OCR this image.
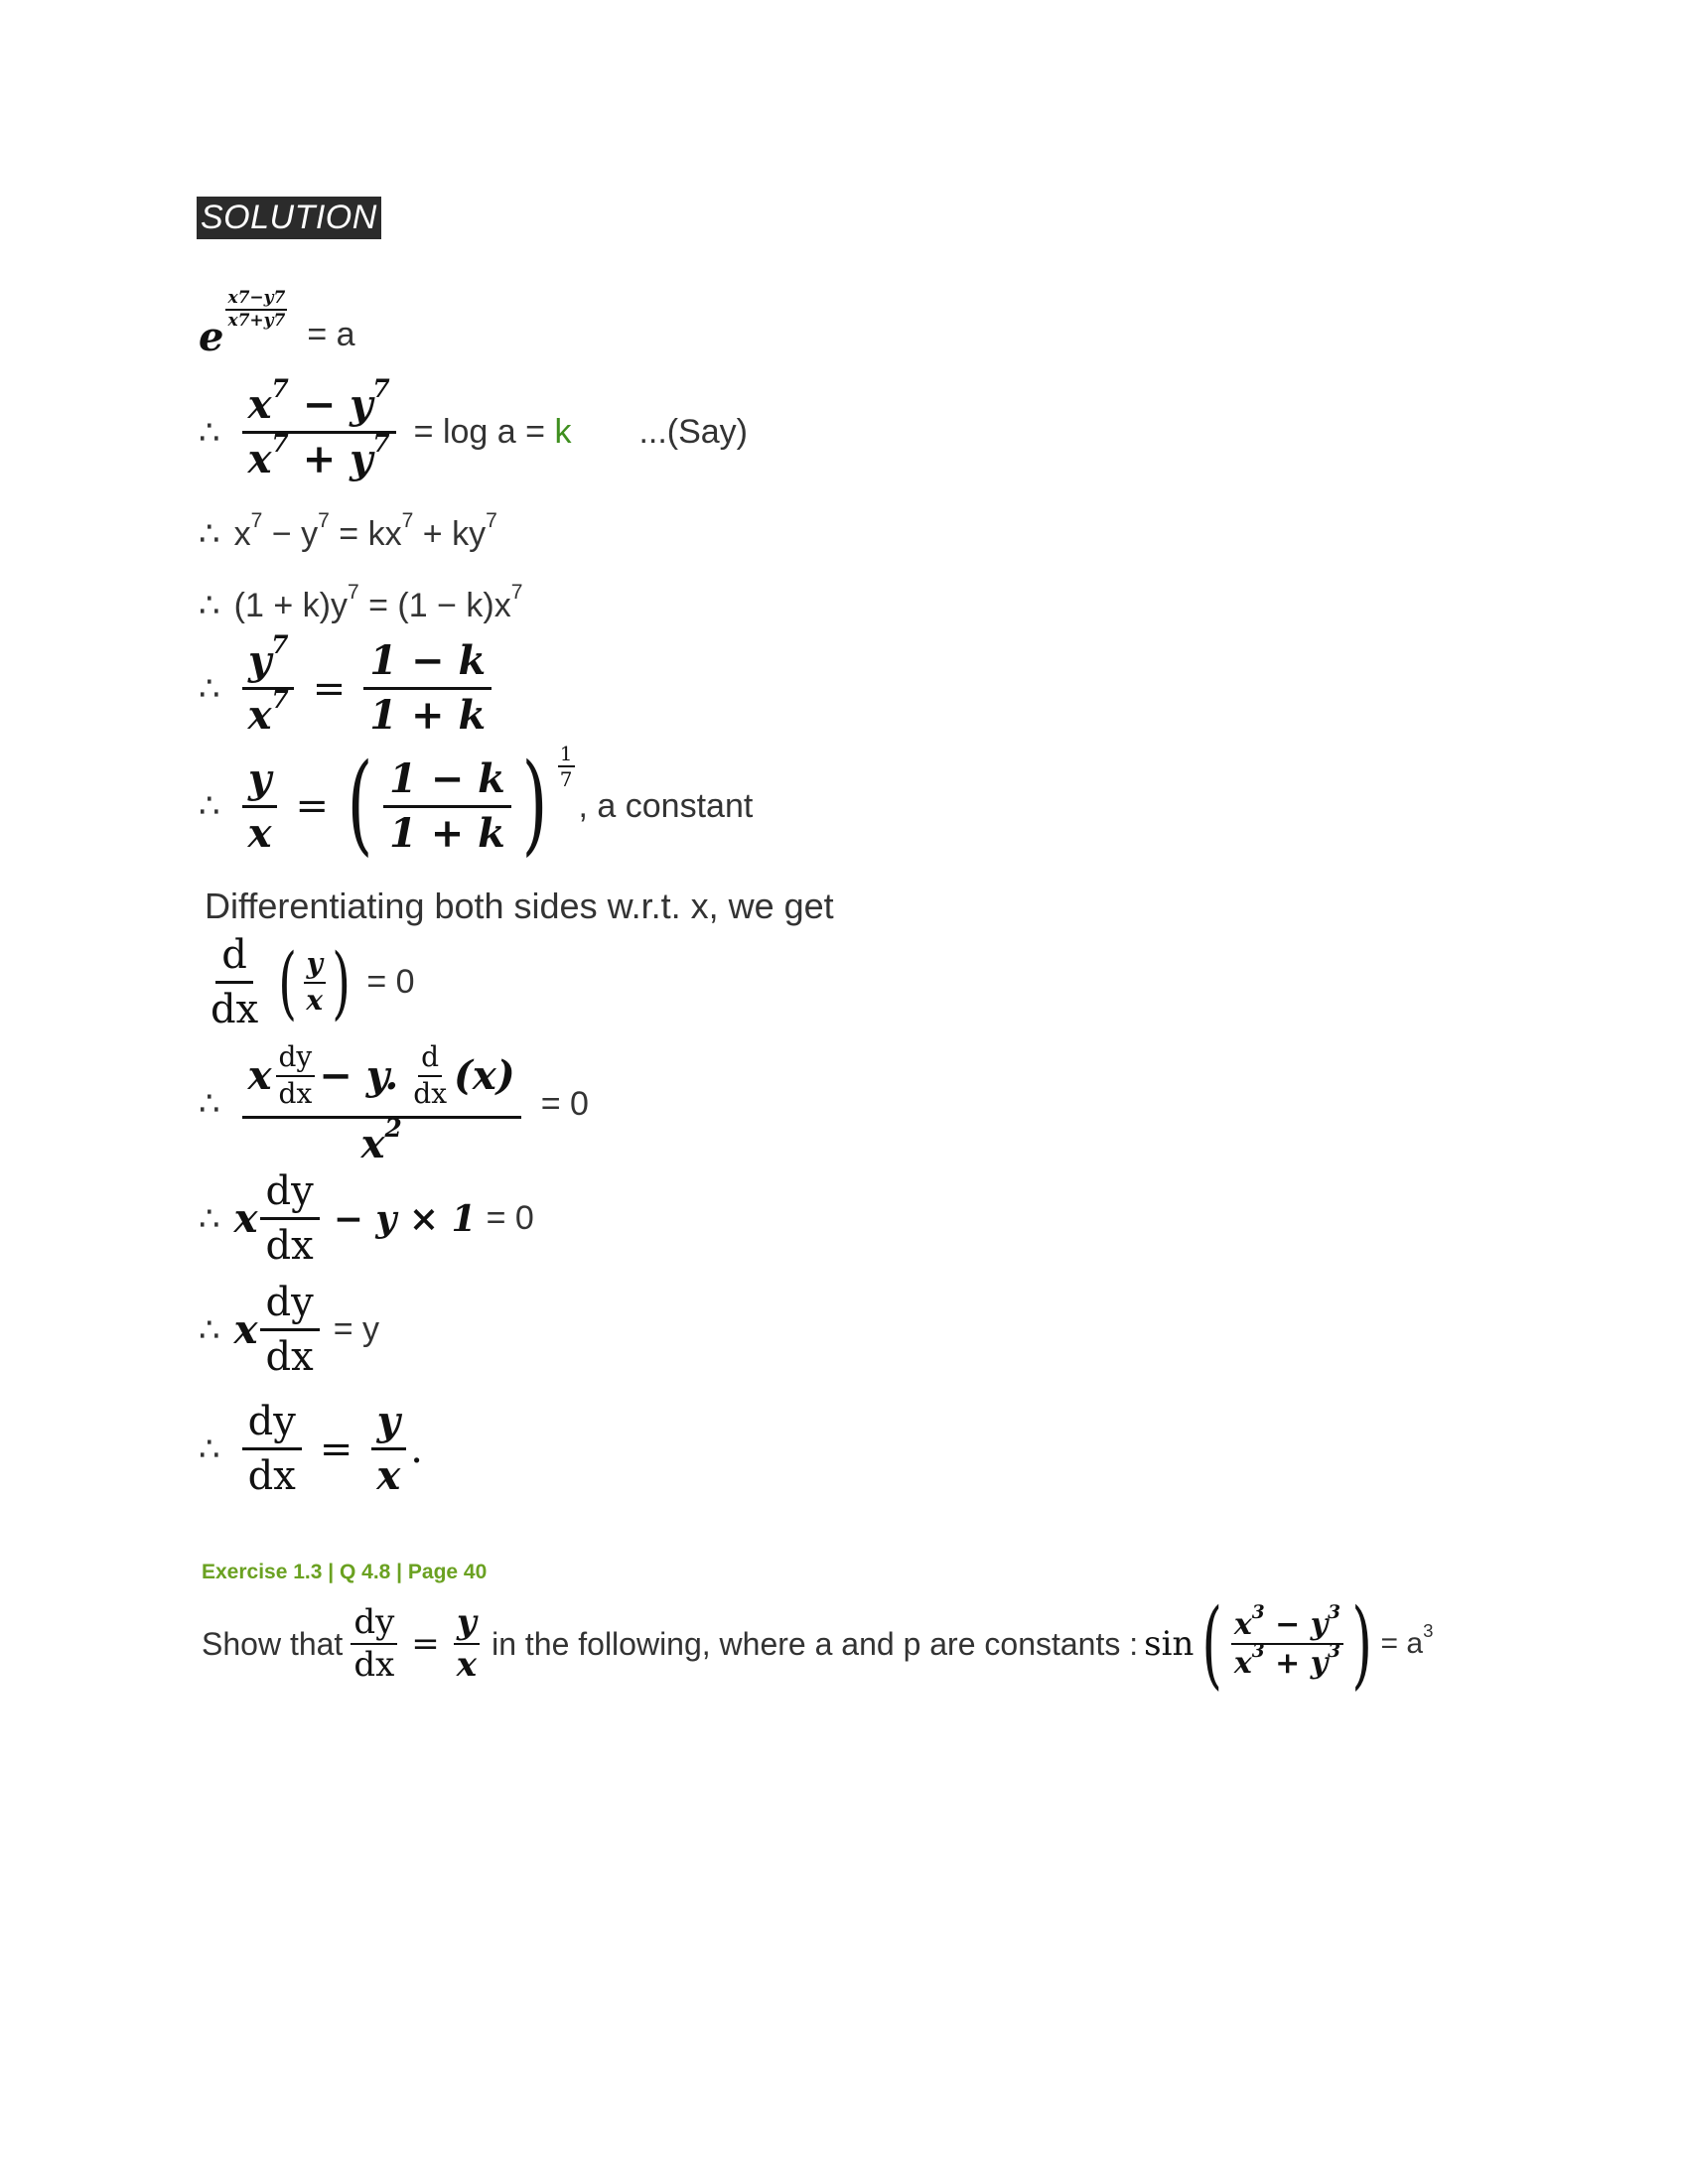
SOLUTION
e
$\frac{x7-y7}{x7+y7}$
= a
∴ $\frac{x^7 - y^7}{x^7 + y^7} = \log a = k$ ...(Say)
∴ $x^7 - y^7 = kx^7 + ky^7$
∴ $(1 + k)y^7 = (1 - k)x^7$
∴ $\frac{y^7}{x^7} = \frac{1 - k}{1 + k}$
∴ $\frac{y}{x}$ = ( $\frac{1 - k}{1 + k}$ ) $\frac{1}{7}$
, a constant
Differentiating both sides w.r.t. x, we get
$\frac{d}{dx}$ ( $\frac{y}{x}$ ) = 0
∴
x $\frac{dy}{dx} - y$. $\frac{d}{dx} (x)$
$x^2$
= 0
∴ x $\frac{dy}{dx} - y \times 1 = 0$
∴ x $\frac{dy}{dx} = y$
∴ $\frac{dy}{dx} = \frac{y}{x}$ .
Exercise 1.3 | Q 4.8 | Page 40
Show that $\frac{dy}{dx} = \frac{y}{x}$ in the following, where a and p are constants : sin ( $\frac{x^3 - y^3}{x^3 + y^3}$ ) = $a^3$
